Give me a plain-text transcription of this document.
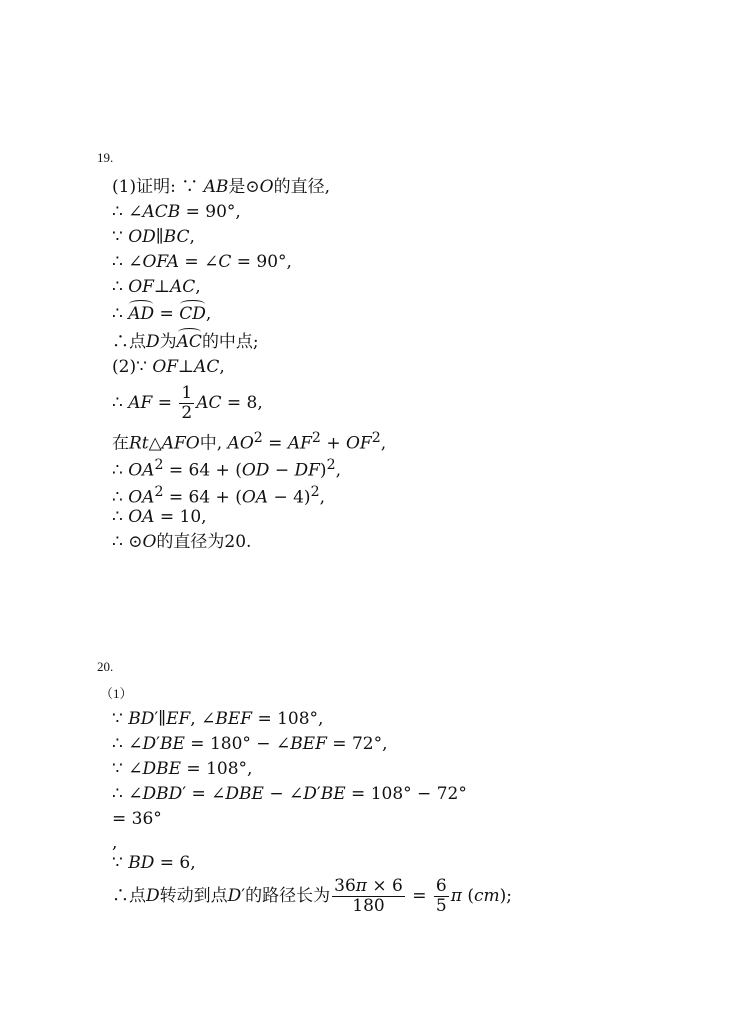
19.
(1)证明: ∵ AB是⊙O的直径,
∴ ∠ACB = 90°,
∵ OD∥BC,
∴ ∠OFA = ∠C = 90°,
∴ OF⊥AC,
∴ AD = CD,
∴点D为AC的中点;
(2)∵ OF⊥AC,
∴ AF = $\frac{1}{2}$ AC = 8,
在Rt△AFO中, $AO^2 = AF^2 + OF^2$,
∴ $OA^2 = 64 + (OD - DF)^2$,
∴ $OA^2 = 64 + (OA - 4)^2$,
∴ OA = 10,
∴ ⊙O的直径为20.
20.
（1）
∵ BD′∥EF, ∠BEF = 108°,
∴ ∠D′BE = 180° − ∠BEF = 72°,
∵ ∠DBE = 108°,
∴ ∠DBD′ = ∠DBE − ∠D′BE = 108° − 72°
= 36°
,
∵ BD = 6,
∴点D转动到点D′的路径长为 $\frac{36\pi \times 6}{180} = \frac{6}{5}$ π (cm);
